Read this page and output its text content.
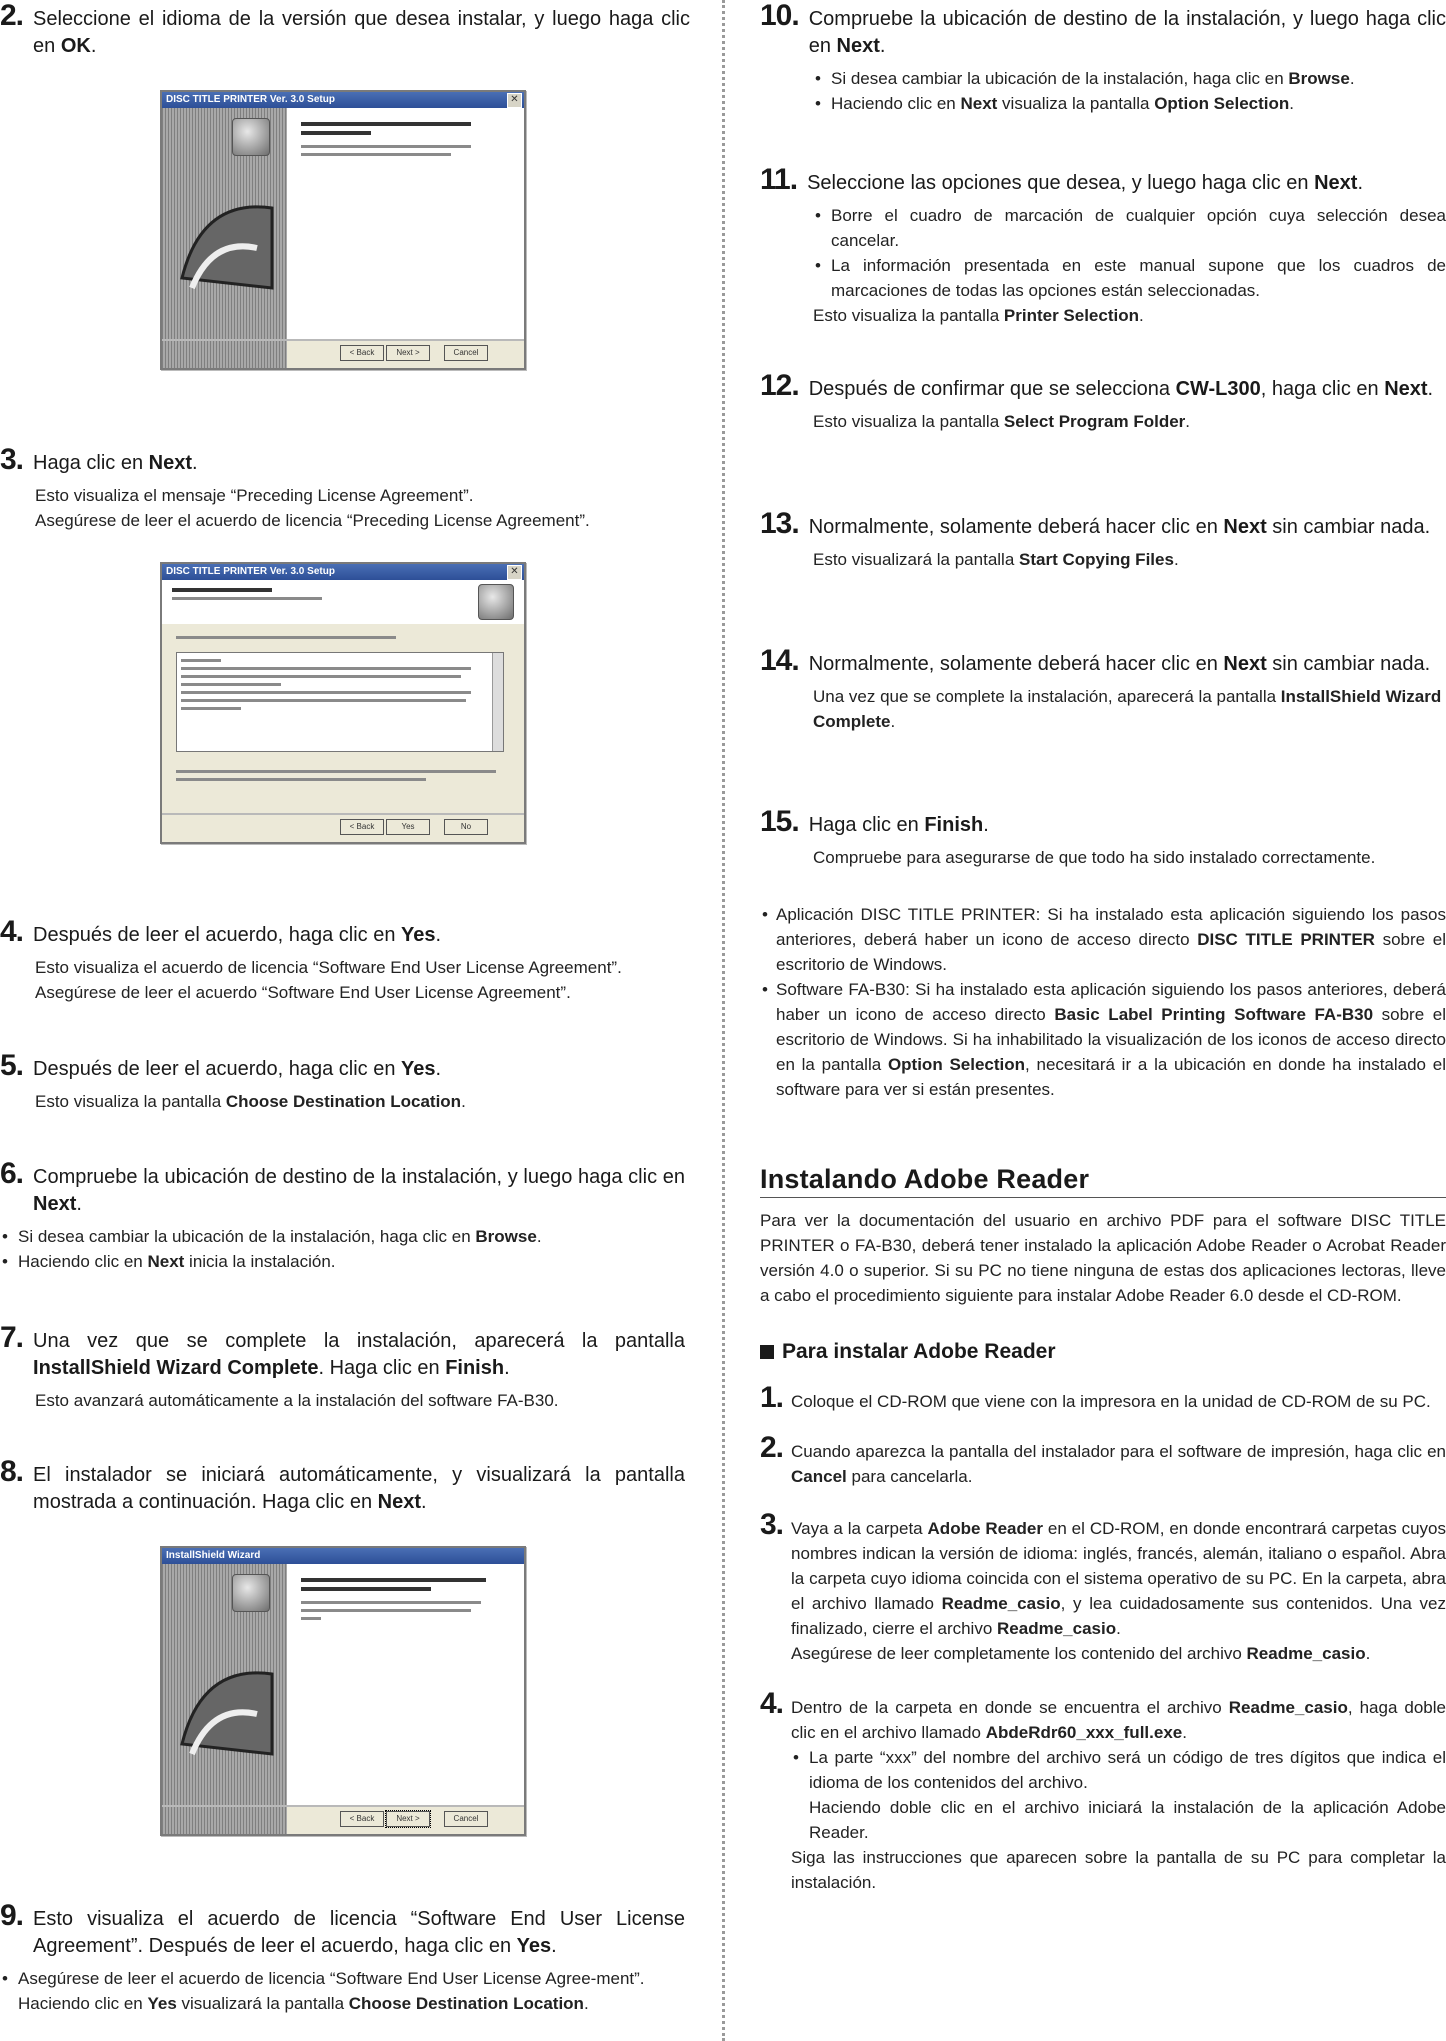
2. Seleccione el idioma de la versión que desea instalar, y luego haga clic en OK.
DISC TITLE PRINTER Ver. 3.0 Setup	✕
< Back	Next >	Cancel
3. Haga clic en Next.

Esto visualiza el mensaje “Preceding License Agreement”.

Asegúrese de leer el acuerdo de licencia “Preceding License Agreement”.

DISC TITLE PRINTER Ver. 3.0 Setup	✕
< Back	Yes	No
4. Después de leer el acuerdo, haga clic en Yes.

Esto visualiza el acuerdo de licencia “Software End User License Agreement”.

Asegúrese de leer el acuerdo “Software End User License Agreement”.

5. Después de leer el acuerdo, haga clic en Yes.

Esto visualiza la pantalla Choose Destination Location.

6. Compruebe la ubicación de destino de la instalación, y luego haga clic en Next.
• Si desea cambiar la ubicación de la instalación, haga clic en Browse.
• Haciendo clic en Next inicia la instalación.
7. Una vez que se complete la instalación, aparecerá la pantalla InstallShield Wizard Complete. Haga clic en Finish.

Esto avanzará automáticamente a la instalación del software FA-B30.

8. El instalador se iniciará automáticamente, y visualizará la pantalla mostrada a continuación. Haga clic en Next.
InstallShield Wizard
< Back	Next >	Cancel
9. Esto visualiza el acuerdo de licencia “Software End User License Agreement”. Después de leer el acuerdo, haga clic en Yes.
• Asegúrese de leer el acuerdo de licencia “Software End User License Agree-ment”.
Haciendo clic en Yes visualizará la pantalla Choose Destination Location.
10. Compruebe la ubicación de destino de la instalación, y luego haga clic en Next.
• Si desea cambiar la ubicación de la instalación, haga clic en Browse.
• Haciendo clic en Next visualiza la pantalla Option Selection.
11. Seleccione las opciones que desea, y luego haga clic en Next.
• Borre el cuadro de marcación de cualquier opción cuya selección desea cancelar.
• La información presentada en este manual supone que los cuadros de marcaciones de todas las opciones están seleccionadas.

Esto visualiza la pantalla Printer Selection.

12. Después de confirmar que se selecciona CW-L300, haga clic en Next.

Esto visualiza la pantalla Select Program Folder.

13. Normalmente, solamente deberá hacer clic en Next sin cambiar nada.

Esto visualizará la pantalla Start Copying Files.

14. Normalmente, solamente deberá hacer clic en Next sin cambiar nada.

Una vez que se complete la instalación, aparecerá la pantalla InstallShield Wizard Complete.

15. Haga clic en Finish.

Compruebe para asegurarse de que todo ha sido instalado correctamente.

• Aplicación DISC TITLE PRINTER: Si ha instalado esta aplicación siguiendo los pasos anteriores, deberá haber un icono de acceso directo DISC TITLE PRINTER sobre el escritorio de Windows.
• Software FA-B30: Si ha instalado esta aplicación siguiendo los pasos anteriores, deberá haber un icono de acceso directo Basic Label Printing Software FA-B30 sobre el escritorio de Windows. Si ha inhabilitado la visualización de los iconos de acceso directo en la pantalla Option Selection, necesitará ir a la ubicación en donde ha instalado el software para ver si están presentes.
Instalando Adobe Reader
Para ver la documentación del usuario en archivo PDF para el software DISC TITLE PRINTER o FA-B30, deberá tener instalado la aplicación Adobe Reader o Acrobat Reader versión 4.0 o superior. Si su PC no tiene ninguna de estas dos aplicaciones lectoras, lleve a cabo el procedimiento siguiente para instalar Adobe Reader 6.0 desde el CD-ROM.
Para instalar Adobe Reader
1. Coloque el CD-ROM que viene con la impresora en la unidad de CD-ROM de su PC.

2. Cuando aparezca la pantalla del instalador para el software de impresión, haga clic en Cancel para cancelarla.

3. Vaya a la carpeta Adobe Reader en el CD-ROM, en donde encontrará carpetas cuyos nombres indican la versión de idioma: inglés, francés, alemán, italiano o español. Abra la carpeta cuyo idioma coincida con el sistema operativo de su PC. En la carpeta, abra el archivo llamado Readme_casio, y lea cuidadosamente sus contenidos. Una vez finalizado, cierre el archivo Readme_casio.

Asegúrese de leer completamente los contenido del archivo Readme_casio.

4. Dentro de la carpeta en donde se encuentra el archivo Readme_casio, haga doble clic en el archivo llamado AbdeRdr60_xxx_full.exe.

• La parte “xxx” del nombre del archivo será un código de tres dígitos que indica el idioma de los contenidos del archivo.
Haciendo doble clic en el archivo iniciará la instalación de la aplicación Adobe Reader.

Siga las instrucciones que aparecen sobre la pantalla de su PC para completar la instalación.
